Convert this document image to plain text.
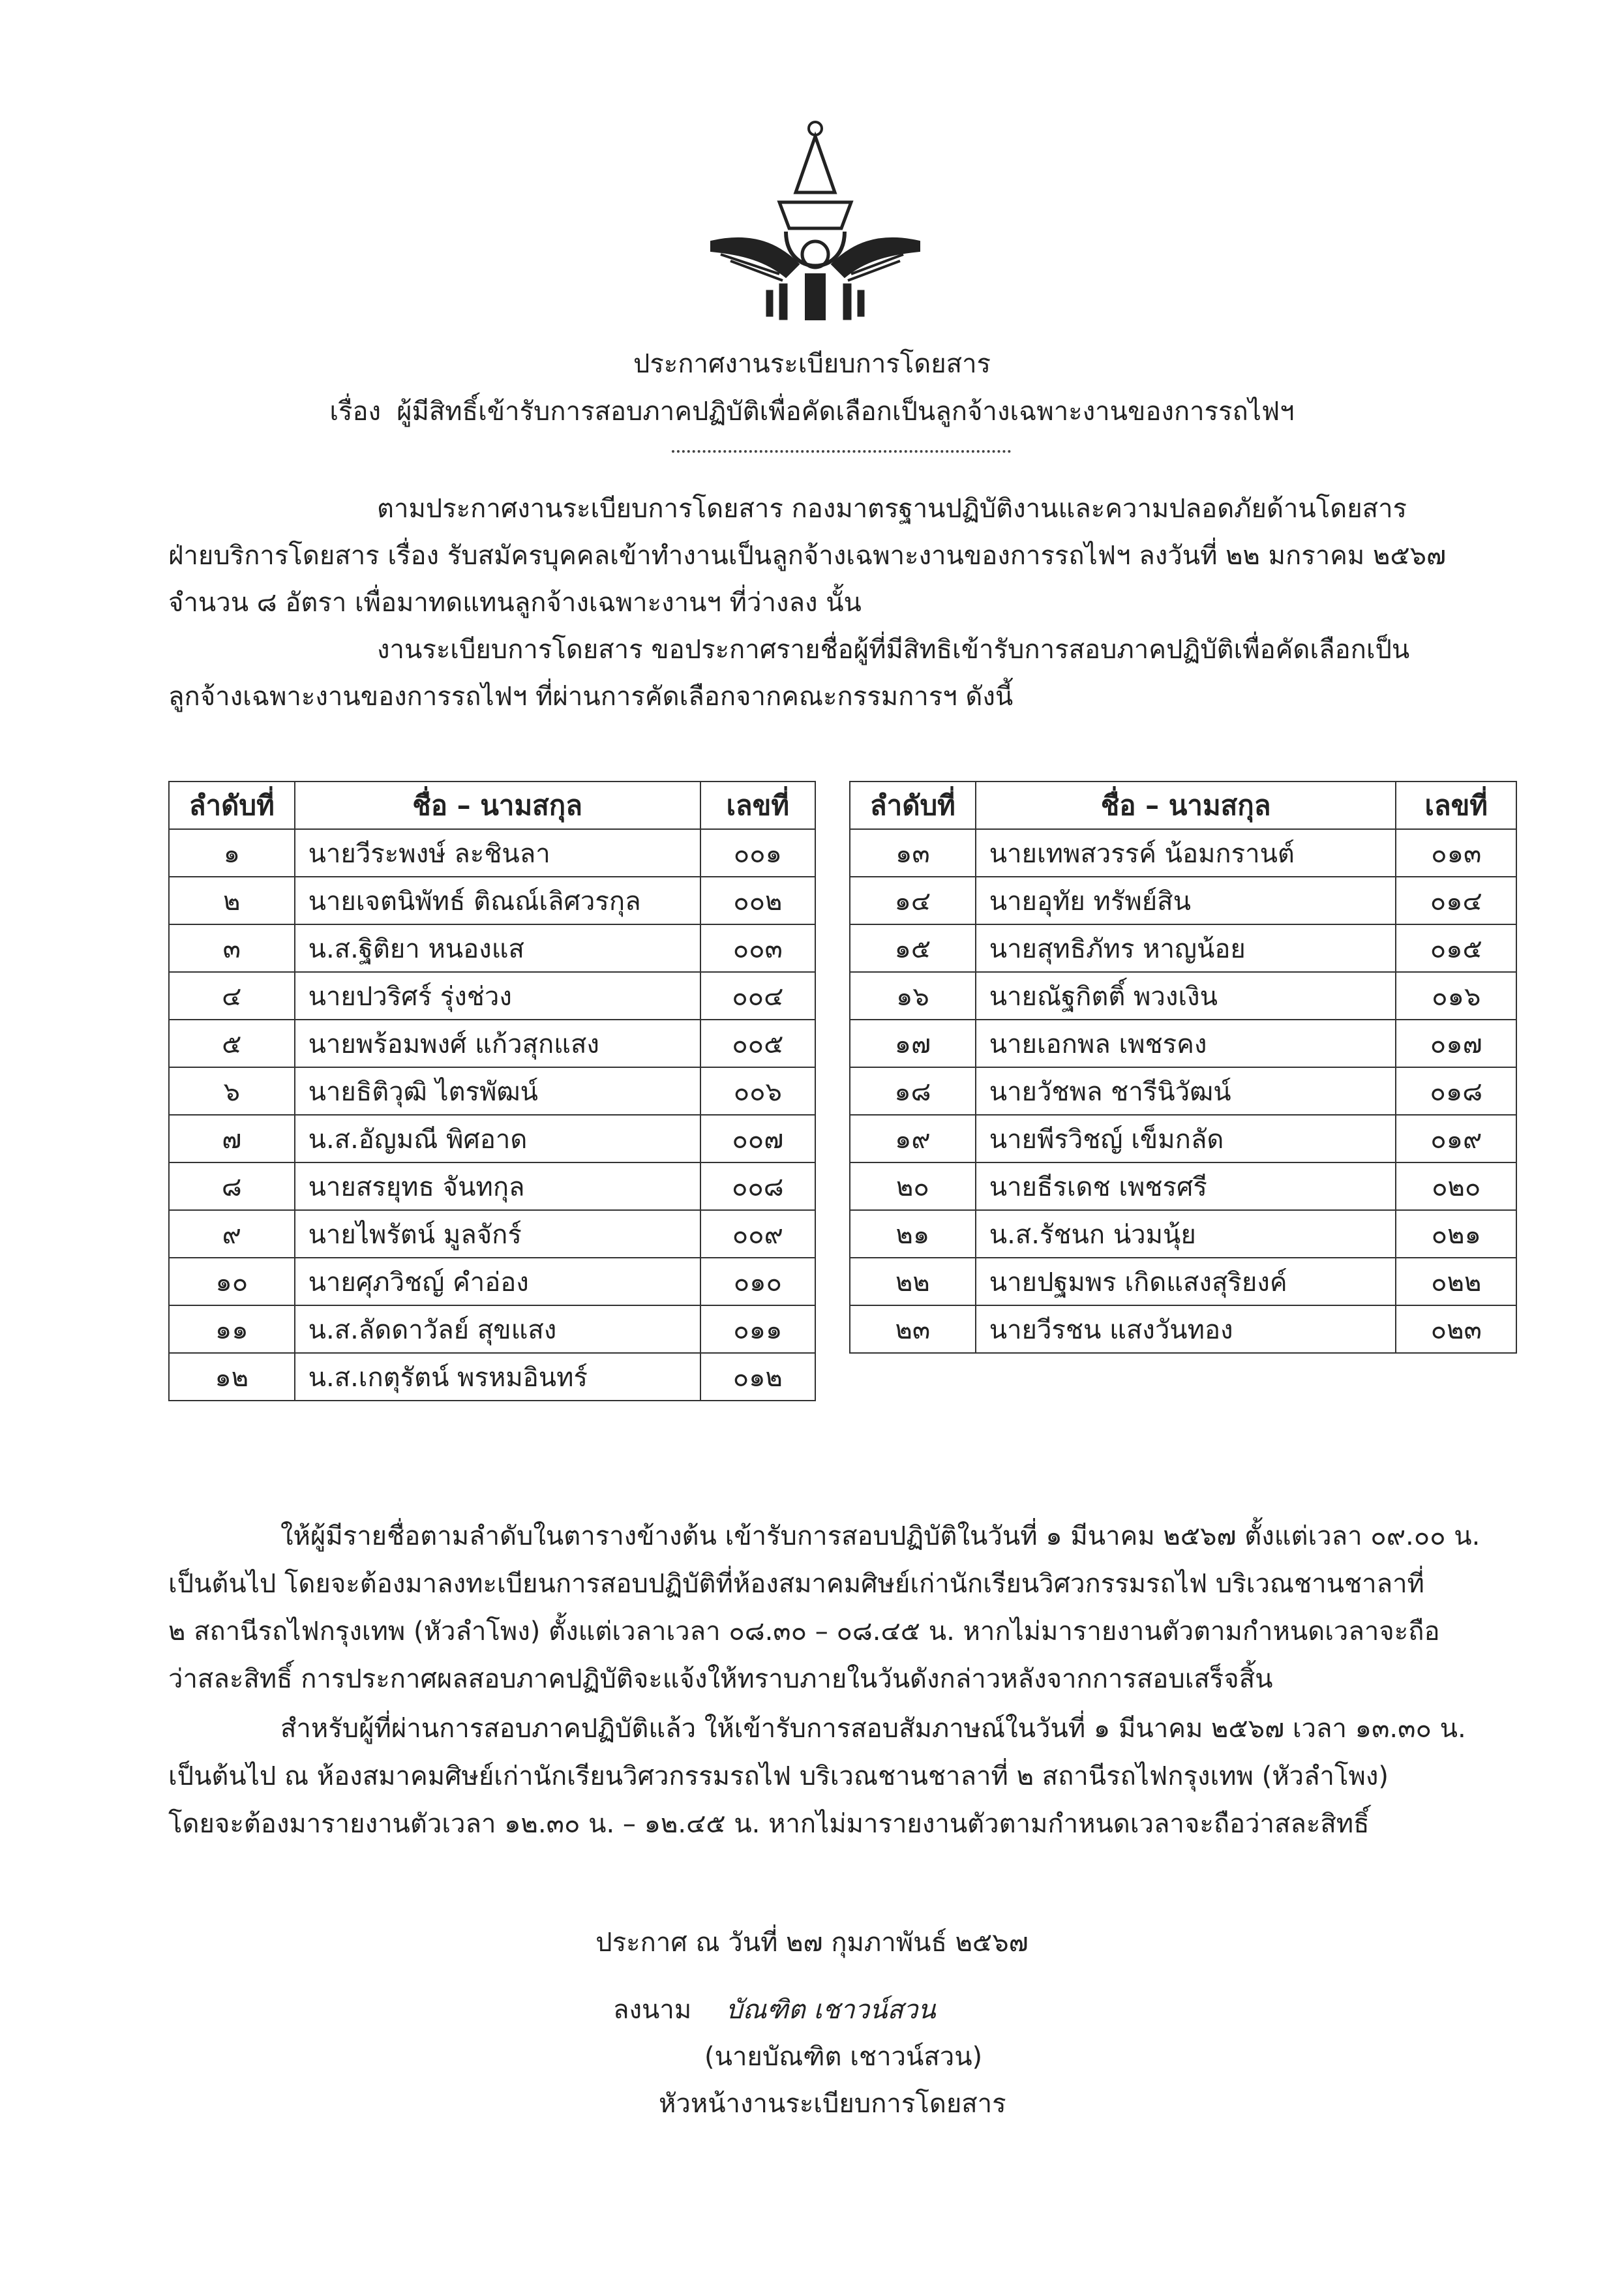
ประกาศงานระเบียบการโดยสาร
เรื่อง ผู้มีสิทธิ์เข้ารับการสอบภาคปฏิบัติเพื่อคัดเลือกเป็นลูกจ้างเฉพาะงานของการรถไฟฯ
ตามประกาศงานระเบียบการโดยสาร กองมาตรฐานปฏิบัติงานและความปลอดภัยด้านโดยสาร
ฝ่ายบริการโดยสาร เรื่อง รับสมัครบุคคลเข้าทำงานเป็นลูกจ้างเฉพาะงานของการรถไฟฯ ลงวันที่ ๒๒ มกราคม ๒๕๖๗
จำนวน ๘ อัตรา เพื่อมาทดแทนลูกจ้างเฉพาะงานฯ ที่ว่างลง นั้น
งานระเบียบการโดยสาร ขอประกาศรายชื่อผู้ที่มีสิทธิเข้ารับการสอบภาคปฏิบัติเพื่อคัดเลือกเป็น
ลูกจ้างเฉพาะงานของการรถไฟฯ ที่ผ่านการคัดเลือกจากคณะกรรมการฯ ดังนี้
ลำดับที่	ชื่อ – นามสกุล	เลขที่
๑	นายวีระพงษ์ ละชินลา	๐๐๑
๒	นายเจตนิพัทธ์ ติณณ์เลิศวรกุล	๐๐๒
๓	น.ส.ฐิติยา หนองแส	๐๐๓
๔	นายปวริศร์ รุ่งช่วง	๐๐๔
๕	นายพร้อมพงศ์ แก้วสุกแสง	๐๐๕
๖	นายธิติวุฒิ ไตรพัฒน์	๐๐๖
๗	น.ส.อัญมณี พิศอาด	๐๐๗
๘	นายสรยุทธ จันทกุล	๐๐๘
๙	นายไพรัตน์ มูลจักร์	๐๐๙
๑๐	นายศุภวิชญ์ คำอ่อง	๐๑๐
๑๑	น.ส.ลัดดาวัลย์ สุขแสง	๐๑๑
๑๒	น.ส.เกตุรัตน์ พรหมอินทร์	๐๑๒
ลำดับที่	ชื่อ – นามสกุล	เลขที่
๑๓	นายเทพสวรรค์ น้อมกรานต์	๐๑๓
๑๔	นายอุทัย ทรัพย์สิน	๐๑๔
๑๕	นายสุทธิภัทร หาญน้อย	๐๑๕
๑๖	นายณัฐกิตติ์ พวงเงิน	๐๑๖
๑๗	นายเอกพล เพชรคง	๐๑๗
๑๘	นายวัชพล ชารีนิวัฒน์	๐๑๘
๑๙	นายพีรวิชญ์ เข็มกลัด	๐๑๙
๒๐	นายธีรเดช เพชรศรี	๐๒๐
๒๑	น.ส.รัชนก น่วมนุ้ย	๐๒๑
๒๒	นายปฐมพร เกิดแสงสุริยงค์	๐๒๒
๒๓	นายวีรชน แสงวันทอง	๐๒๓
ให้ผู้มีรายชื่อตามลำดับในตารางข้างต้น เข้ารับการสอบปฏิบัติในวันที่ ๑ มีนาคม ๒๕๖๗ ตั้งแต่เวลา ๐๙.๐๐ น.
เป็นต้นไป โดยจะต้องมาลงทะเบียนการสอบปฏิบัติที่ห้องสมาคมศิษย์เก่านักเรียนวิศวกรรมรถไฟ บริเวณชานชาลาที่
๒ สถานีรถไฟกรุงเทพ (หัวลำโพง) ตั้งแต่เวลาเวลา ๐๘.๓๐ – ๐๘.๔๕ น. หากไม่มารายงานตัวตามกำหนดเวลาจะถือ
ว่าสละสิทธิ์ การประกาศผลสอบภาคปฏิบัติจะแจ้งให้ทราบภายในวันดังกล่าวหลังจากการสอบเสร็จสิ้น
สำหรับผู้ที่ผ่านการสอบภาคปฏิบัติแล้ว ให้เข้ารับการสอบสัมภาษณ์ในวันที่ ๑ มีนาคม ๒๕๖๗ เวลา ๑๓.๓๐ น.
เป็นต้นไป ณ ห้องสมาคมศิษย์เก่านักเรียนวิศวกรรมรถไฟ บริเวณชานชาลาที่ ๒ สถานีรถไฟกรุงเทพ (หัวลำโพง)
โดยจะต้องมารายงานตัวเวลา ๑๒.๓๐ น. – ๑๒.๔๕ น. หากไม่มารายงานตัวตามกำหนดเวลาจะถือว่าสละสิทธิ์
ประกาศ ณ วันที่ ๒๗ กุมภาพันธ์ ๒๕๖๗
ลงนาม บัณฑิต เชาวน์สวน
(นายบัณฑิต เชาวน์สวน)
หัวหน้างานระเบียบการโดยสาร
